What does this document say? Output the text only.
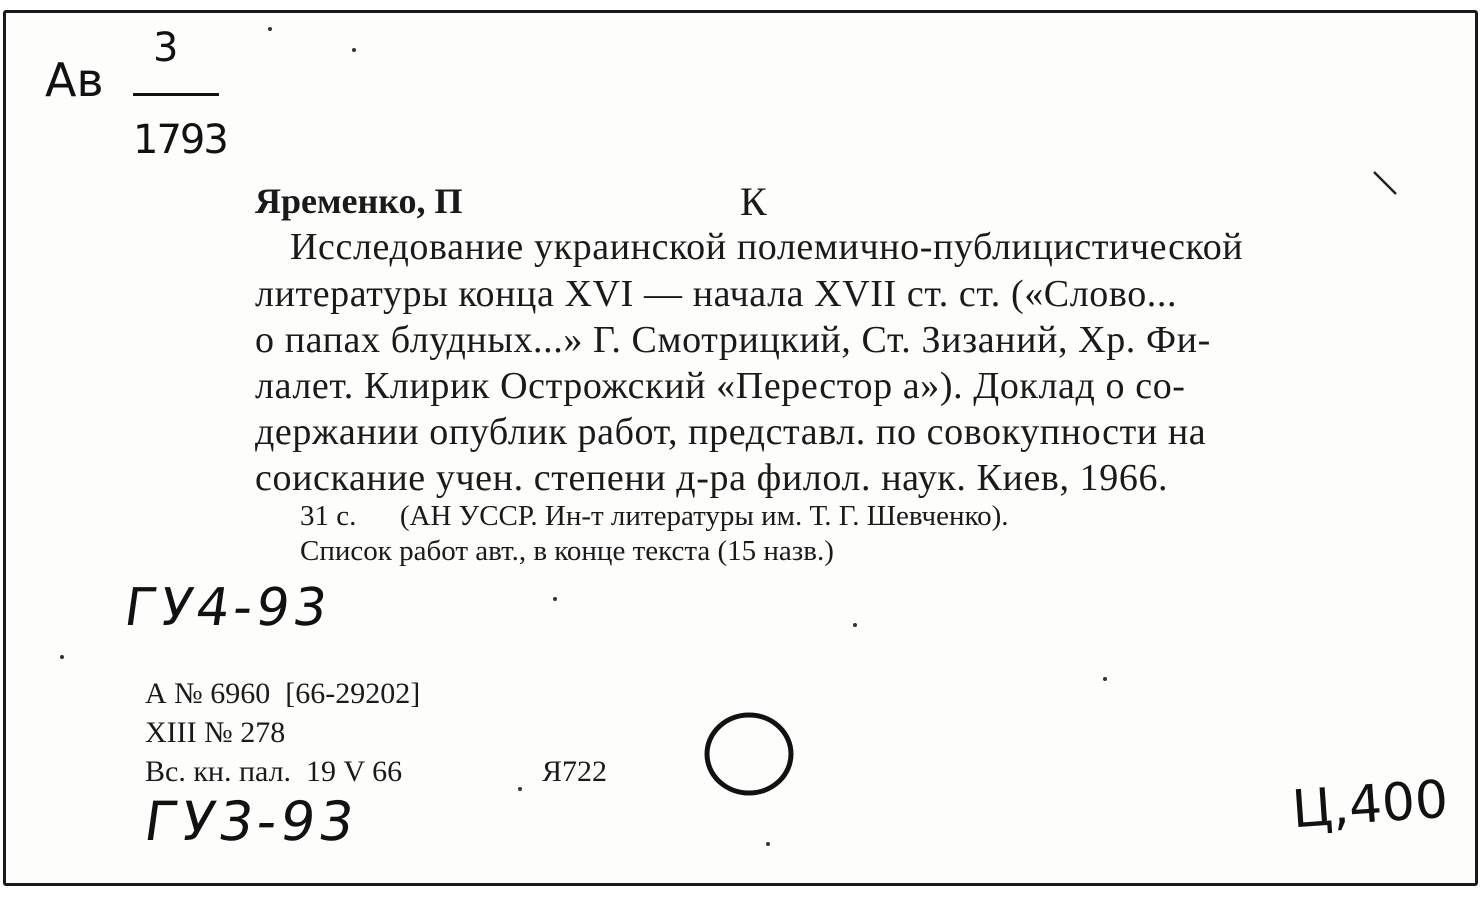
Ав
3
1793
Яременко, П	К
Исследование украинской полемично-публицистической
литературы конца XVI — начала XVII ст. ст. («Слово...
о папах блудных...» Г. Смотрицкий, Ст. Зизаний, Хр. Фи-
лалет. Клирик Острожский «Перестор а»). Доклад о со-
держании опублик работ, представл. по совокупности на
соискание учен. степени д-ра филол. наук. Киев, 1966.
31 с.      (АН УССР. Ин-т литературы им. Т. Г. Шевченко).
Список работ авт., в конце текста (15 назв.)
ГУ4-93
ГУ3-93	Ц,400
А № 6960  [66-29202]
XIII № 278
Вс. кн. пал.  19 V 66	Я722
